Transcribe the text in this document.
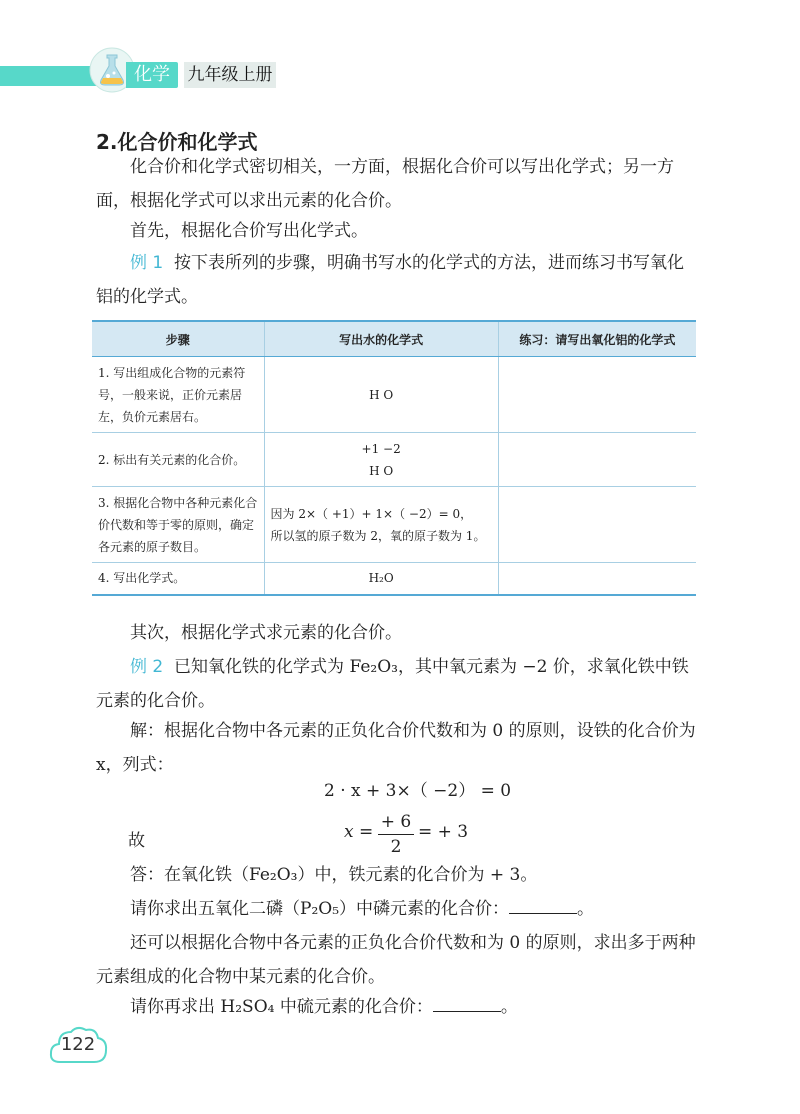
化学	九年级上册
2.化合价和化学式
化合价和化学式密切相关，一方面，根据化合价可以写出化学式；另一方面，根据化学式可以求出元素的化合价。
首先，根据化合价写出化学式。
例 1 按下表所列的步骤，明确书写水的化学式的方法，进而练习书写氧化铝的化学式。
步骤	写出水的化学式	练习：请写出氧化铝的化学式
1. 写出组成化合物的元素符号，一般来说，正价元素居左，负价元素居右。	H O	

2. 标出有关元素的化合价。	+1 −2
H O	

3. 根据化合物中各种元素化合价代数和等于零的原则，确定各元素的原子数目。	因为 2×（ +1）+ 1×（ −2）= 0，
所以氢的原子数为 2，氧的原子数为 1。	

4. 写出化学式。	H₂O	

其次，根据化学式求元素的化合价。
例 2 已知氧化铁的化学式为 Fe₂O₃，其中氧元素为 −2 价，求氧化铁中铁元素的化合价。
解：根据化合物中各元素的正负化合价代数和为 0 的原则，设铁的化合价为 x，列式：
2 · x + 3×（ −2） = 0
故	x = + 6
2
= + 3
答：在氧化铁（Fe₂O₃）中，铁元素的化合价为 + 3。
请你求出五氧化二磷（P₂O₅）中磷元素的化合价：	。
还可以根据化合物中各元素的正负化合价代数和为 0 的原则，求出多于两种元素组成的化合物中某元素的化合价。
请你再求出 H₂SO₄ 中硫元素的化合价：	。
122
